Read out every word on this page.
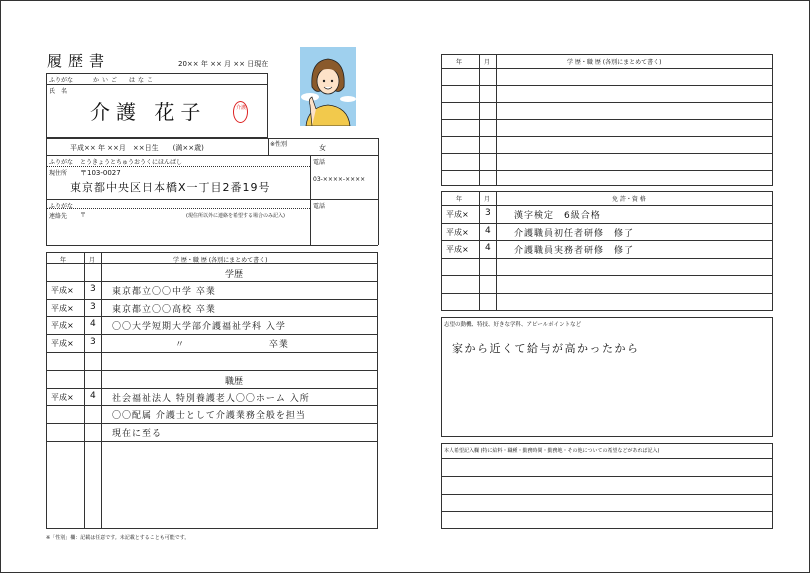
履歴書	20×× 年 ×× 月 ×× 日現在
ふりがな	かいご　はなこ
氏名
介護 花子	介護
平成×× 年 ××月　××日生　　(満××歳)	※性別	女
ふりがな とうきょうとちゅうおうくにほんばし
現住所 〒103-0027
東京都中央区日本橋X一丁目2番19号
電話
03-××××-××××
ふりがな
連絡先 〒	(現住所以外に連絡を希望する場合のみ記入)
電話
年	月	学 歴・職 歴 (各別にまとめて書く)
学歴
平成× 3 東京都立〇〇中学 卒業
平成× 3 東京都立〇〇高校 卒業
平成× 4 〇〇大学短期大学部介護福祉学科 入学
平成× 3	〃　　　　　　　　 卒業
職歴
平成× 4 社会福祉法人 特別養護老人〇〇ホーム 入所
〇〇配属 介護士として介護業務全般を担当
現在に至る
※「性別」欄：記載は任意です。未記載とすることも可能です。
年	月	学 歴・職 歴 (各別にまとめて書く)
年	月	免 許・資 格
平成× 3	漢字検定　6級合格
平成× 4	介護職員初任者研修　修了
平成× 4	介護職員実務者研修　修了
志望の動機、特技、好きな学科、アピールポイントなど
家から近くて給与が高かったから
本人希望記入欄 (特に給料・職種・勤務時間・勤務地・その他についての希望などがあれば記入)
